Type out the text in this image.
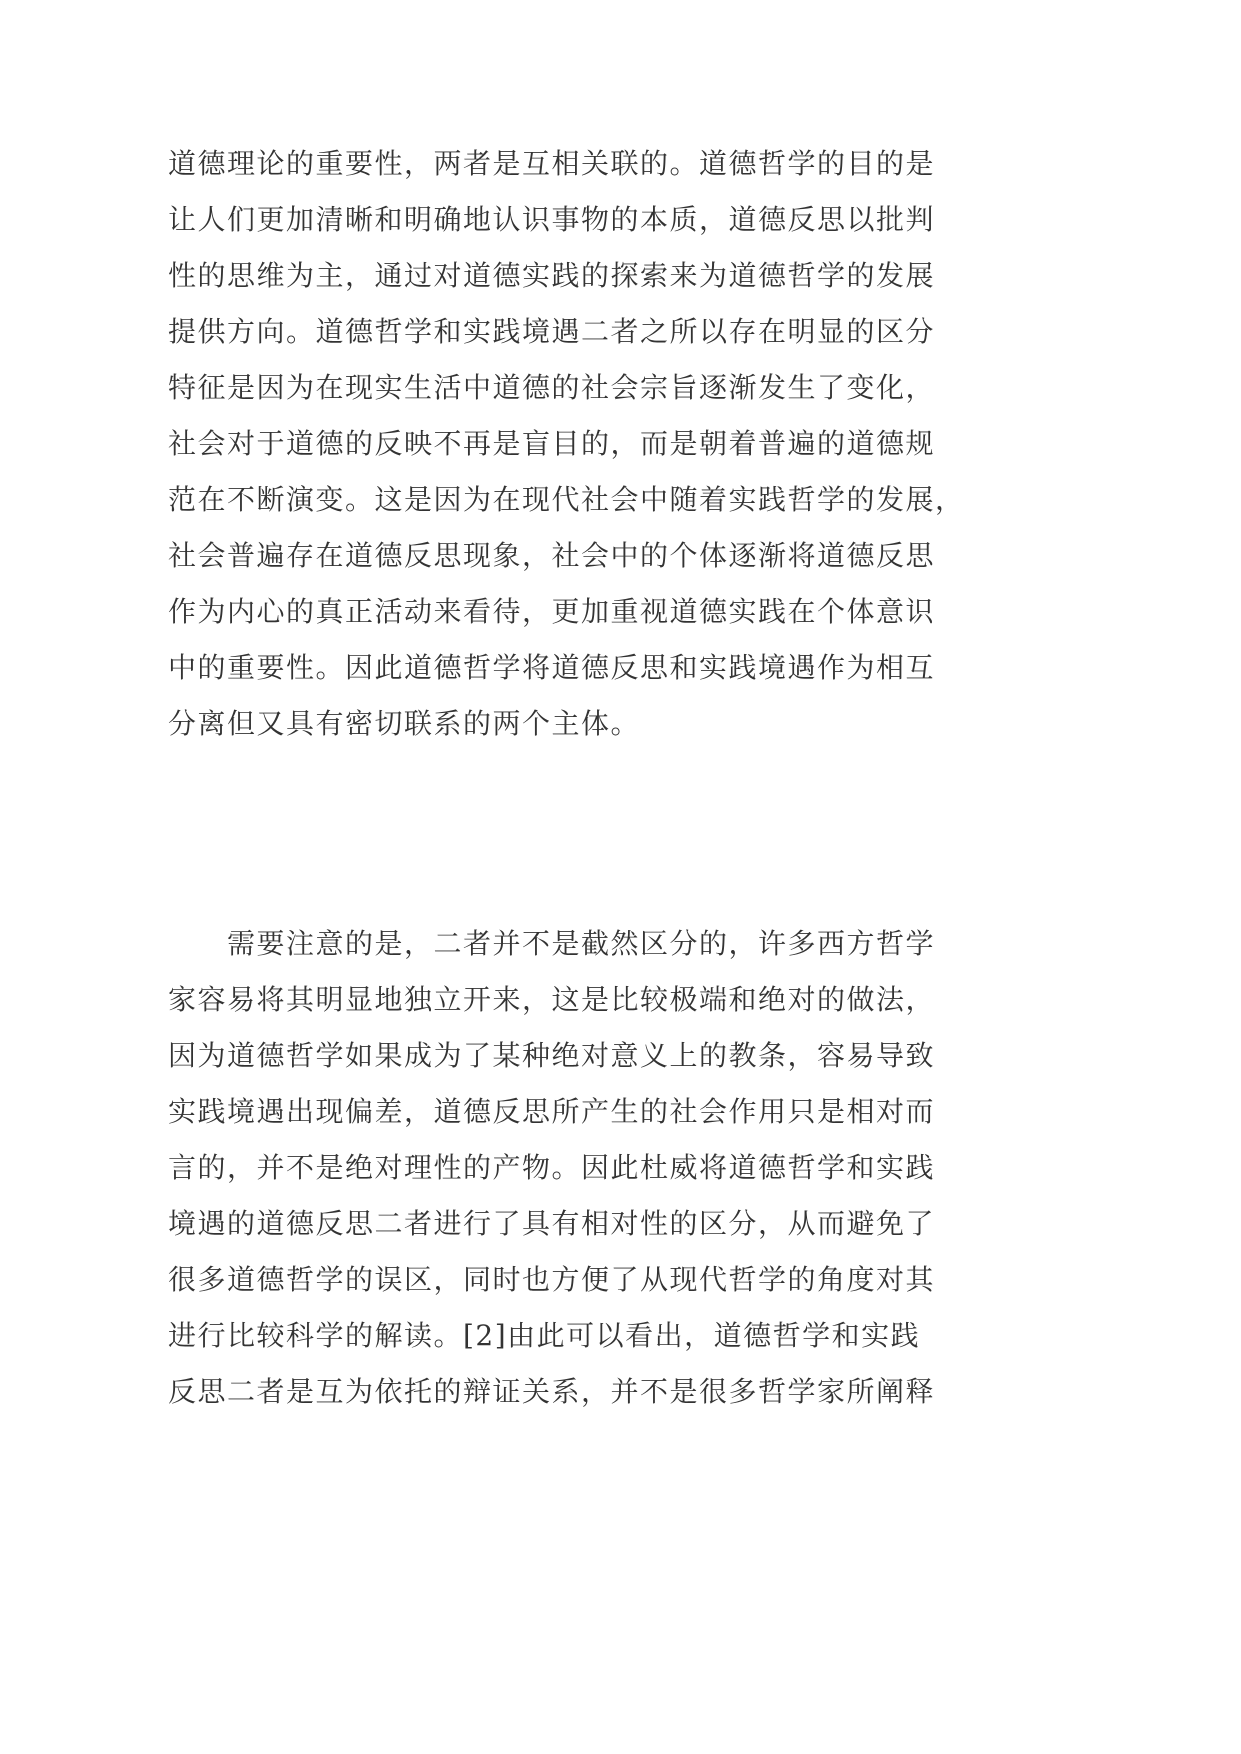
道德理论的重要性，两者是互相关联的。道德哲学的目的是
让人们更加清晰和明确地认识事物的本质，道德反思以批判
性的思维为主，通过对道德实践的探索来为道德哲学的发展
提供方向。道德哲学和实践境遇二者之所以存在明显的区分
特征是因为在现实生活中道德的社会宗旨逐渐发生了变化，
社会对于道德的反映不再是盲目的，而是朝着普遍的道德规
范在不断演变。这是因为在现代社会中随着实践哲学的发展，
社会普遍存在道德反思现象，社会中的个体逐渐将道德反思
作为内心的真正活动来看待，更加重视道德实践在个体意识
中的重要性。因此道德哲学将道德反思和实践境遇作为相互
分离但又具有密切联系的两个主体。
　　需要注意的是，二者并不是截然区分的，许多西方哲学
家容易将其明显地独立开来，这是比较极端和绝对的做法，
因为道德哲学如果成为了某种绝对意义上的教条，容易导致
实践境遇出现偏差，道德反思所产生的社会作用只是相对而
言的，并不是绝对理性的产物。因此杜威将道德哲学和实践
境遇的道德反思二者进行了具有相对性的区分，从而避免了
很多道德哲学的误区，同时也方便了从现代哲学的角度对其
进行比较科学的解读。[2]由此可以看出，道德哲学和实践
反思二者是互为依托的辩证关系，并不是很多哲学家所阐释
